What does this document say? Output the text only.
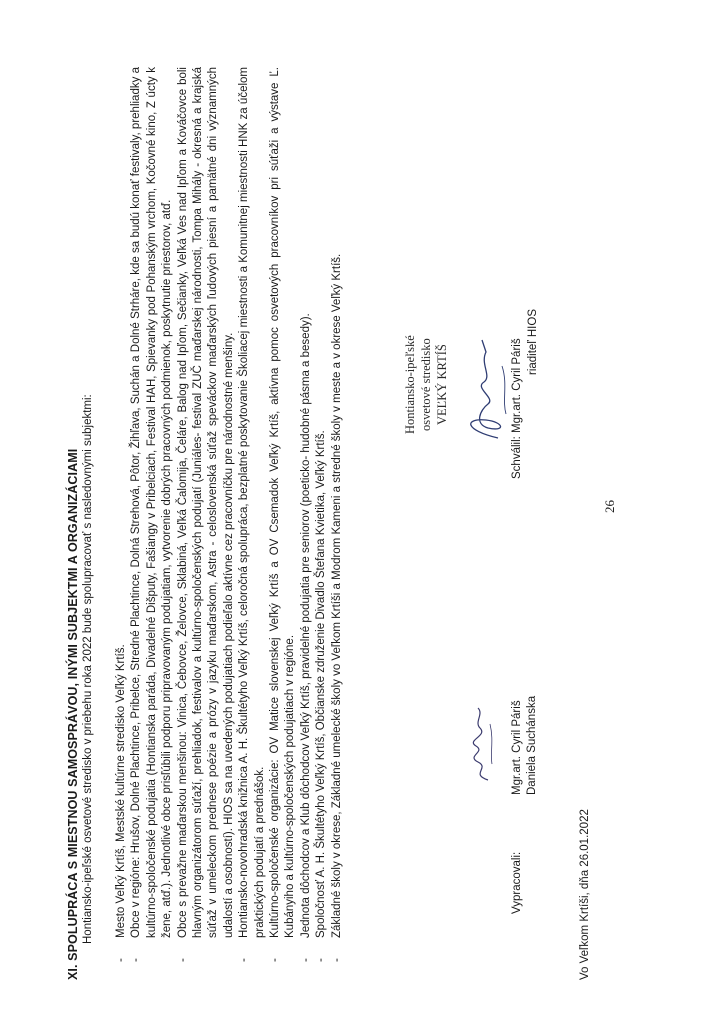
XI. SPOLUPRÁCA S MIESTNOU SAMOSPRÁVOU, INÝMI SUBJEKTMI A ORGANIZÁCIAMI Hontiansko-ipeľské osvetové stredisko v priebehu roka 2022 bude spolupracovať s nasledovnými subjektmi:
-
Mesto Veľký Krtíš, Mestské kultúrne stredisko Veľký Krtíš.
-
Obce v regióne: Hrušov, Dolné Plachtince, Pribelce, Stredné Plachtince, Dolná Strehová, Pôtor, Žihľava, Suchán a Dolné Strháre, kde sa budú konať festivaly, prehliadky a kultúrno-spoločenské podujatia (Hontianska paráda, Divadelné Dišputy, Fašiangy v Pribelciach, Festival HAH, Spievanky pod Pohanským vrchom, Kočovné kino, Z úcty k žene, atď.). Jednotlivé obce prisľúbili podporu pripravovaným podujatiam, vytvorenie dobrých pracovných podmienok, poskytnutie priestorov, atď.
-
Obce s prevažne maďarskou menšinou: Vinica, Čebovce, Želovce, Sklabiná, Veľká Čalomija, Čeláre, Balog nad Ipľom, Sečianky, Veľká Ves nad Ipľom a Kováčovce boli hlavným organizátorom súťaží, prehliadok, festivalov a kultúrno-spoločenských podujatí (Juniáles- festival ZUČ maďarskej národnosti, Tompa Mihály - okresná a krajská súťaž v umeleckom prednese poézie a prózy v jazyku maďarskom, Astra - celoslovenská súťaž speváckov maďarských ľudových piesní a pamätné dni významných udalostí a osobností). HIOS sa na uvedených podujatiach podieľalo aktívne cez pracovníčku pre národnostné menšiny.
-
Hontiansko-novohradská knižnica A. H. Škultétyho Veľký Krtíš, celoročná spolupráca, bezplatné poskytovanie Školiacej miestnosti a Komunitnej miestnosti HNK za účelom praktických podujatí a prednášok.
-
Kultúrno-spoločenské organizácie: OV Matice slovenskej Veľký Krtíš a OV Csemadok Veľký Krtíš, aktívna pomoc osvetových pracovníkov pri súťaži a výstave Ľ. Kubányiho a kultúrno-spoločenských podujatiach v regióne.
-
Jednota dôchodcov a Klub dôchodcov Veľký Krtíš, pravidelné podujatia pre seniorov (poeticko- hudobné pásma a besedy).
-
Spoločnosť A. H. Škultétyho Veľký Krtíš, Občianske združenie Divadlo Štefana Kvietika, Veľký Krtíš.
-
Základné školy v okrese, Základné umelecké školy vo Veľkom Krtíši a Modrom Kameni a stredné školy v meste a v okrese Veľký Krtíš.	Vypracovali:
Mgr.art. Cyril Páriš Daniela Suchánska
Vo Veľkom Krtíši, dňa 26.01.2022
26
Hontiansko-ipeľské osvetové stredisko VEĽKÝ KRTÍŠ	Schválil: Mgr.art. Cyril Páriš riaditeľ HIOS
